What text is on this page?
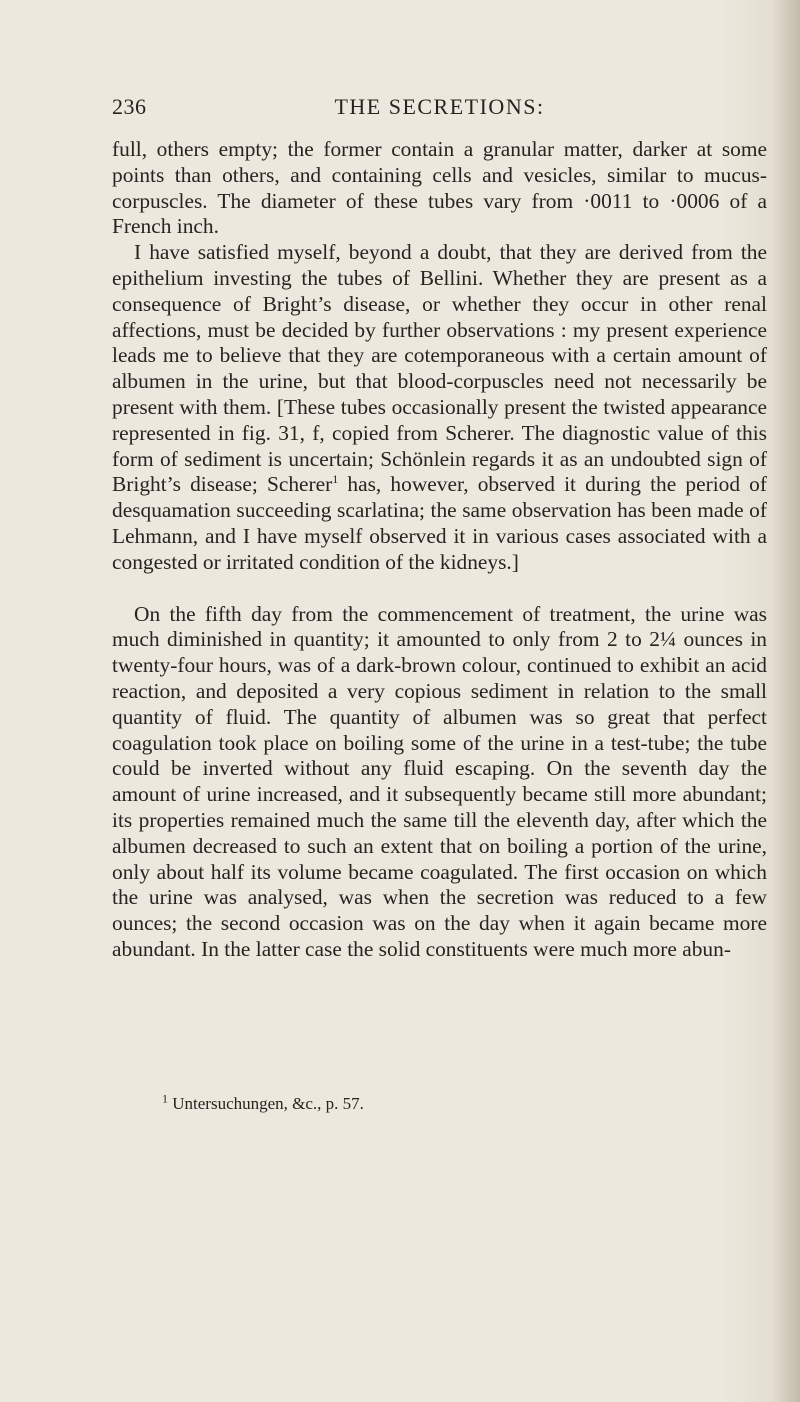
THE SECRETIONS:
236

full, others empty; the former contain a granular matter, darker at some points than others, and containing cells and vesicles, similar to mucus-corpuscles. The diameter of these tubes vary from ·0011 to ·0006 of a French inch.

I have satisfied myself, beyond a doubt, that they are derived from the epithelium investing the tubes of Bellini. Whether they are present as a consequence of Bright’s disease, or whether they occur in other renal affections, must be decided by further observations : my present experience leads me to believe that they are cotemporaneous with a certain amount of albumen in the urine, but that blood-corpuscles need not necessarily be present with them. [These tubes occasionally present the twisted appearance represented in fig. 31, f, copied from Scherer. The diagnostic value of this form of sediment is uncertain; Schönlein regards it as an undoubted sign of Bright’s disease; Scherer$^1$ has, however, observed it during the period of desquamation succeeding scarlatina; the same observation has been made of Lehmann, and I have myself observed it in various cases associated with a congested or irritated condition of the kidneys.]

On the fifth day from the commencement of treatment, the urine was much diminished in quantity; it amounted to only from 2 to 2¼ ounces in twenty-four hours, was of a dark-brown colour, continued to exhibit an acid reaction, and deposited a very copious sediment in relation to the small quantity of fluid. The quantity of albumen was so great that perfect coagulation took place on boiling some of the urine in a test-tube; the tube could be inverted without any fluid escaping. On the seventh day the amount of urine increased, and it subsequently became still more abundant; its properties remained much the same till the eleventh day, after which the albumen decreased to such an extent that on boiling a portion of the urine, only about half its volume became coagulated. The first occasion on which the urine was analysed, was when the secretion was reduced to a few ounces; the second occasion was on the day when it again became more abundant. In the latter case the solid constituents were much more abun-

$^1$ Untersuchungen, &c., p. 57.
